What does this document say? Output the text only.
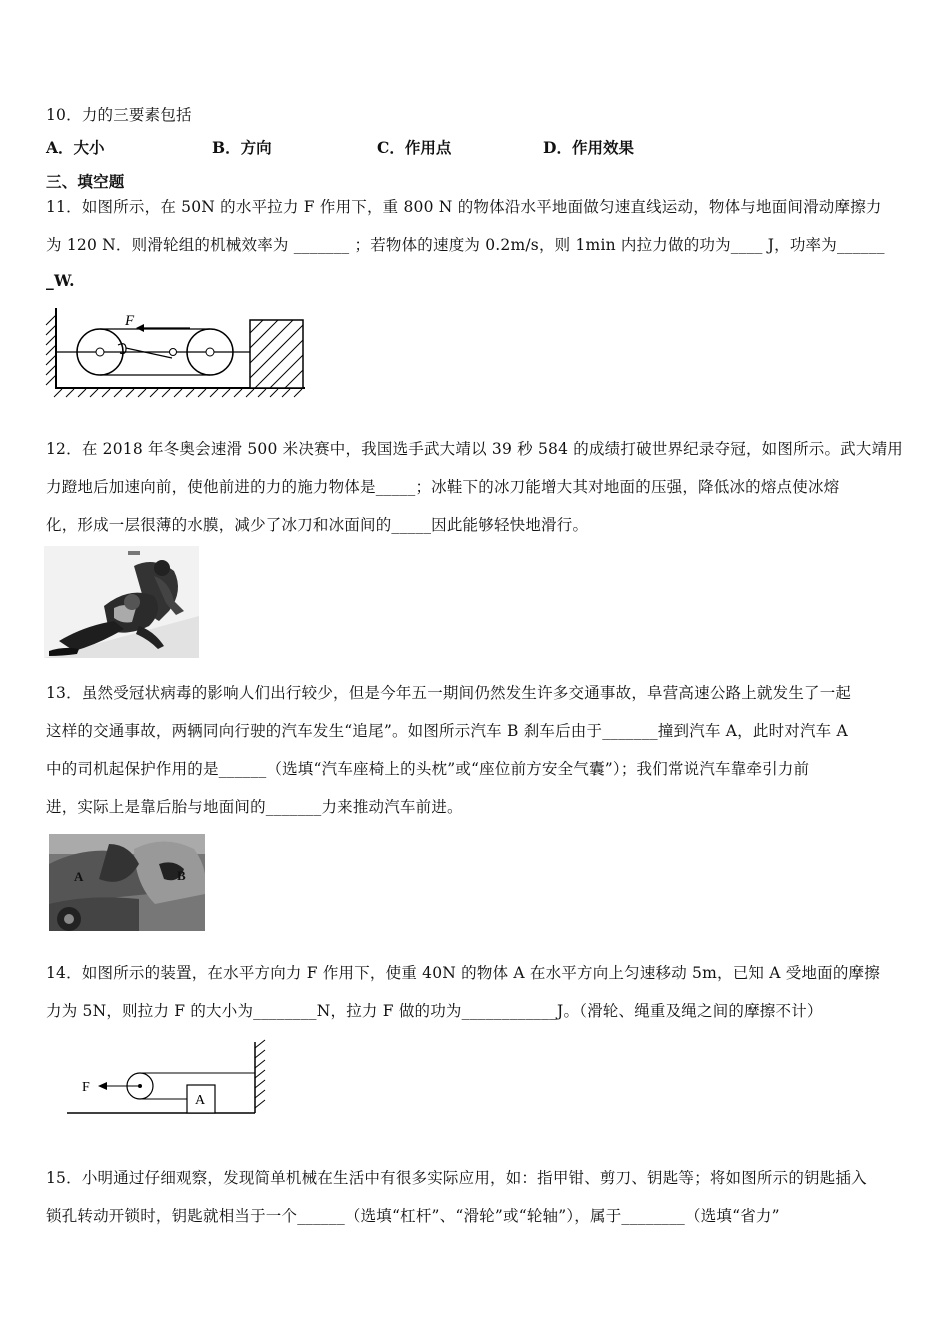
10．力的三要素包括
A．大小	B．方向	C．作用点	D．作用效果
三、填空题
11．如图所示，在 50N 的水平拉力 F 作用下，重 800 N 的物体沿水平地面做匀速直线运动，物体与地面间滑动摩擦力
为 120 N．则滑轮组的机械效率为 _______ ；若物体的速度为 0.2m/s，则 1min 内拉力做的功为____ J，功率为______
_W.
F
12．在 2018 年冬奥会速滑 500 米决赛中，我国选手武大靖以 39 秒 584 的成绩打破世界纪录夺冠，如图所示。武大靖用
力蹬地后加速向前，使他前进的力的施力物体是_____；冰鞋下的冰刀能增大其对地面的压强，降低冰的熔点使冰熔
化，形成一层很薄的水膜，减少了冰刀和冰面间的_____因此能够轻快地滑行。
13．虽然受冠状病毒的影响人们出行较少，但是今年五一期间仍然发生许多交通事故，阜营高速公路上就发生了一起
这样的交通事故，两辆同向行驶的汽车发生“追尾”。如图所示汽车 B 刹车后由于_______撞到汽车 A，此时对汽车 A
中的司机起保护作用的是______（选填“汽车座椅上的头枕”或“座位前方安全气囊”）；我们常说汽车靠牵引力前
进，实际上是靠后胎与地面间的_______力来推动汽车前进。
A	B
14．如图所示的装置，在水平方向力 F 作用下，使重 40N 的物体 A 在水平方向上匀速移动 5m，已知 A 受地面的摩擦
力为 5N，则拉力 F 的大小为________N，拉力 F 做的功为____________J。（滑轮、绳重及绳之间的摩擦不计）
A
F
15．小明通过仔细观察，发现简单机械在生活中有很多实际应用，如：指甲钳、剪刀、钥匙等；将如图所示的钥匙插入
锁孔转动开锁时，钥匙就相当于一个______（选填“杠杆”、“滑轮”或“轮轴”），属于________（选填“省力”
